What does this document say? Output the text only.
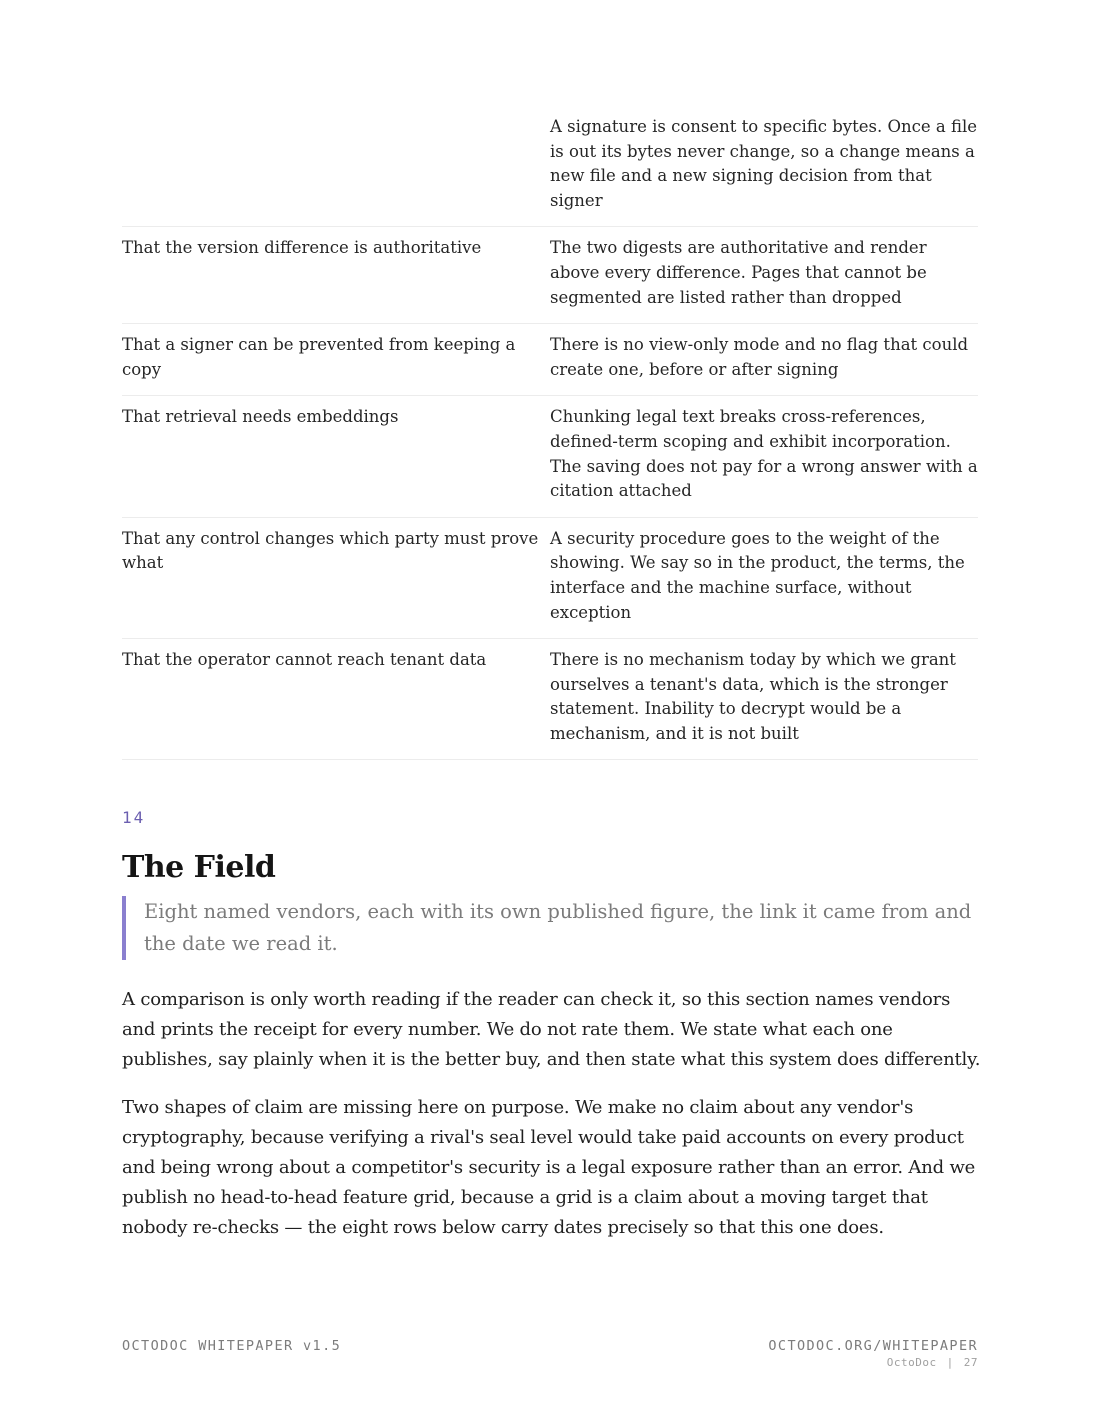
	A signature is consent to specific bytes. Once a file is out its bytes never change, so a change means a new file and a new signing decision from that signer
That the version difference is authoritative	The two digests are authoritative and render above every difference. Pages that cannot be segmented are listed rather than dropped
That a signer can be prevented from keeping a copy	There is no view-only mode and no flag that could create one, before or after signing
That retrieval needs embeddings	Chunking legal text breaks cross-references, defined-term scoping and exhibit incorporation. The saving does not pay for a wrong answer with a citation attached
That any control changes which party must prove what	A security procedure goes to the weight of the showing. We say so in the product, the terms, the interface and the machine surface, without exception
That the operator cannot reach tenant data	There is no mechanism today by which we grant ourselves a tenant's data, which is the stronger statement. Inability to decrypt would be a mechanism, and it is not built
14
The Field
Eight named vendors, each with its own published figure, the link it came from and the date we read it.

A comparison is only worth reading if the reader can check it, so this section names vendors and prints the receipt for every number. We do not rate them. We state what each one publishes, say plainly when it is the better buy, and then state what this system does differently.

Two shapes of claim are missing here on purpose. We make no claim about any vendor's cryptography, because verifying a rival's seal level would take paid accounts on every product and being wrong about a competitor's security is a legal exposure rather than an error. And we publish no head-to-head feature grid, because a grid is a claim about a moving target that nobody re-checks — the eight rows below carry dates precisely so that this one does.

OCTODOC WHITEPAPER v1.5	OCTODOC.ORG/WHITEPAPER
OctoDoc | 27
